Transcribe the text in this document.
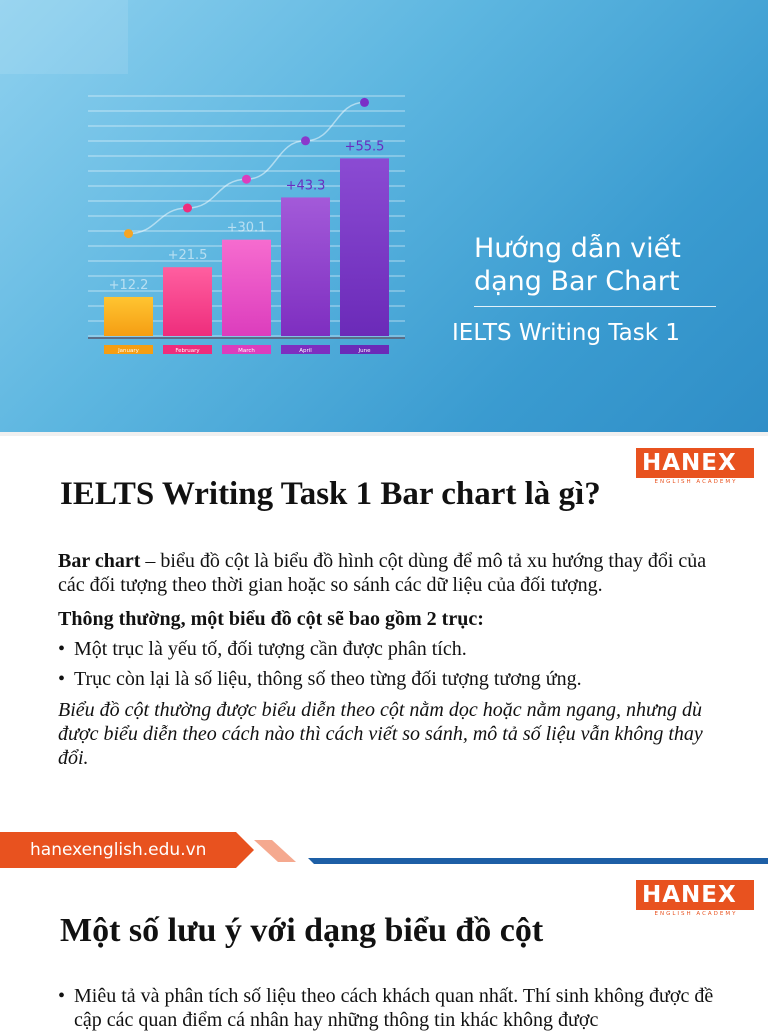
+12.2
January
+21.5
February
+30.1
March
+43.3
April
+55.5
June
Hướng dẫn viết
dạng Bar Chart
IELTS Writing Task 1
HANEX
ENGLISH ACADEMY
IELTS Writing Task 1 Bar chart là gì?

Bar chart – biểu đồ cột là biểu đồ hình cột dùng để mô tả xu hướng thay đổi của các đối tượng theo thời gian hoặc so sánh các dữ liệu của đối tượng.

Thông thường, một biểu đồ cột sẽ bao gồm 2 trục:

• Một trục là yếu tố, đối tượng cần được phân tích.
• Trục còn lại là số liệu, thông số theo từng đối tượng tương ứng.

Biểu đồ cột thường được biểu diễn theo cột nằm dọc hoặc nằm ngang, nhưng dù được biểu diễn theo cách nào thì cách viết so sánh, mô tả số liệu vẫn không thay đổi.

hanexenglish.edu.vn
HANEX
ENGLISH ACADEMY
Một số lưu ý với dạng biểu đồ cột
• Miêu tả và phân tích số liệu theo cách khách quan nhất. Thí sinh không được đề cập các quan điểm cá nhân hay những thông tin khác không được
